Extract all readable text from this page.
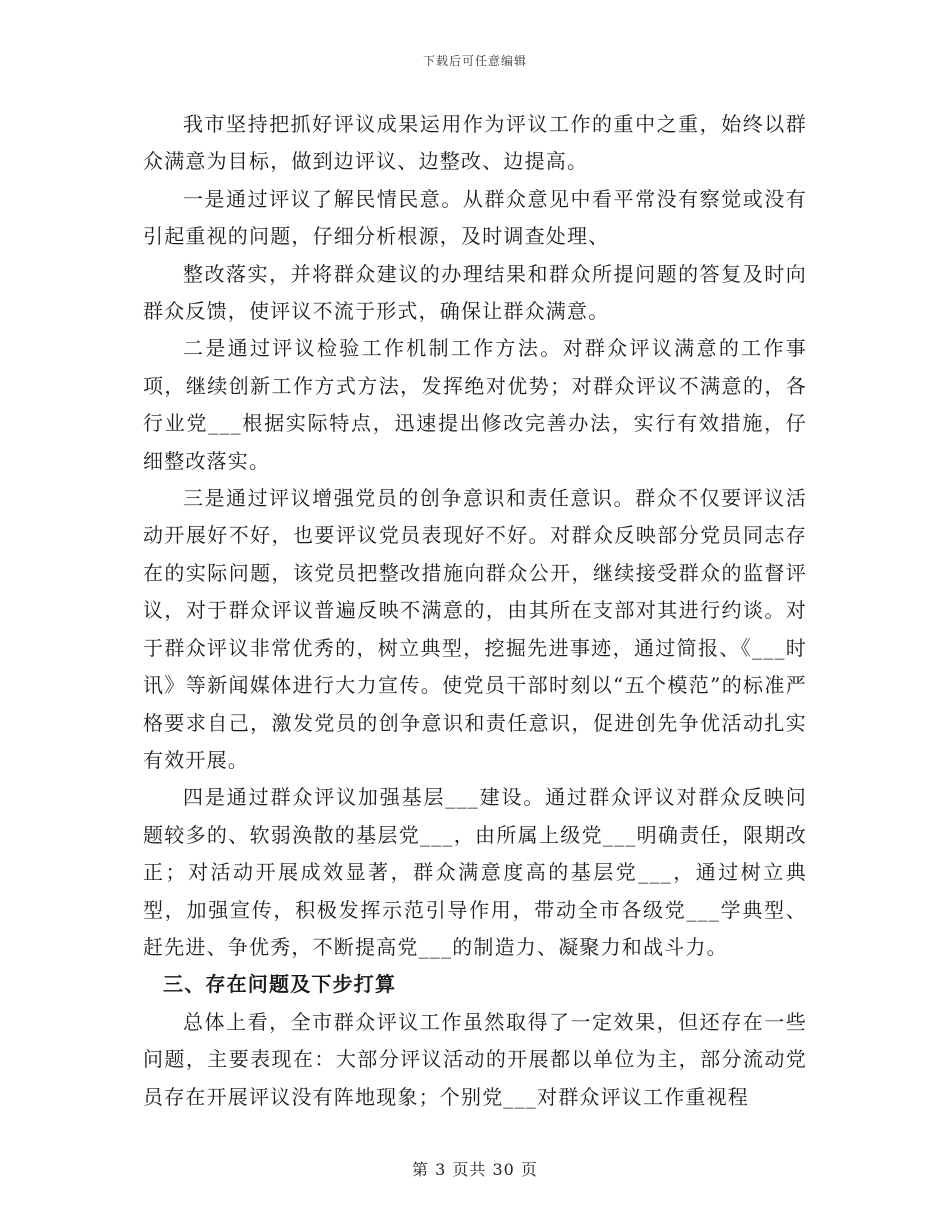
下载后可任意编辑

我市坚持把抓好评议成果运用作为评议工作的重中之重，始终以群众满意为目标，做到边评议、边整改、边提高。

一是通过评议了解民情民意。从群众意见中看平常没有察觉或没有引起重视的问题，仔细分析根源，及时调查处理、

整改落实，并将群众建议的办理结果和群众所提问题的答复及时向群众反馈，使评议不流于形式，确保让群众满意。

二是通过评议检验工作机制工作方法。对群众评议满意的工作事项，继续创新工作方式方法，发挥绝对优势；对群众评议不满意的，各行业党___根据实际特点，迅速提出修改完善办法，实行有效措施，仔细整改落实。

三是通过评议增强党员的创争意识和责任意识。群众不仅要评议活动开展好不好，也要评议党员表现好不好。对群众反映部分党员同志存在的实际问题，该党员把整改措施向群众公开，继续接受群众的监督评议，对于群众评议普遍反映不满意的，由其所在支部对其进行约谈。对于群众评议非常优秀的，树立典型，挖掘先进事迹，通过简报、《___时讯》等新闻媒体进行大力宣传。使党员干部时刻以“五个模范”的标准严格要求自己，激发党员的创争意识和责任意识，促进创先争优活动扎实有效开展。

四是通过群众评议加强基层___建设。通过群众评议对群众反映问题较多的、软弱涣散的基层党___，由所属上级党___明确责任，限期改正；对活动开展成效显著，群众满意度高的基层党___，通过树立典型，加强宣传，积极发挥示范引导作用，带动全市各级党___学典型、赶先进、争优秀，不断提高党___的制造力、凝聚力和战斗力。

三、存在问题及下步打算

总体上看，全市群众评议工作虽然取得了一定效果，但还存在一些问题，主要表现在：大部分评议活动的开展都以单位为主，部分流动党员存在开展评议没有阵地现象；个别党___对群众评议工作重视程

第 3 页共 30 页
